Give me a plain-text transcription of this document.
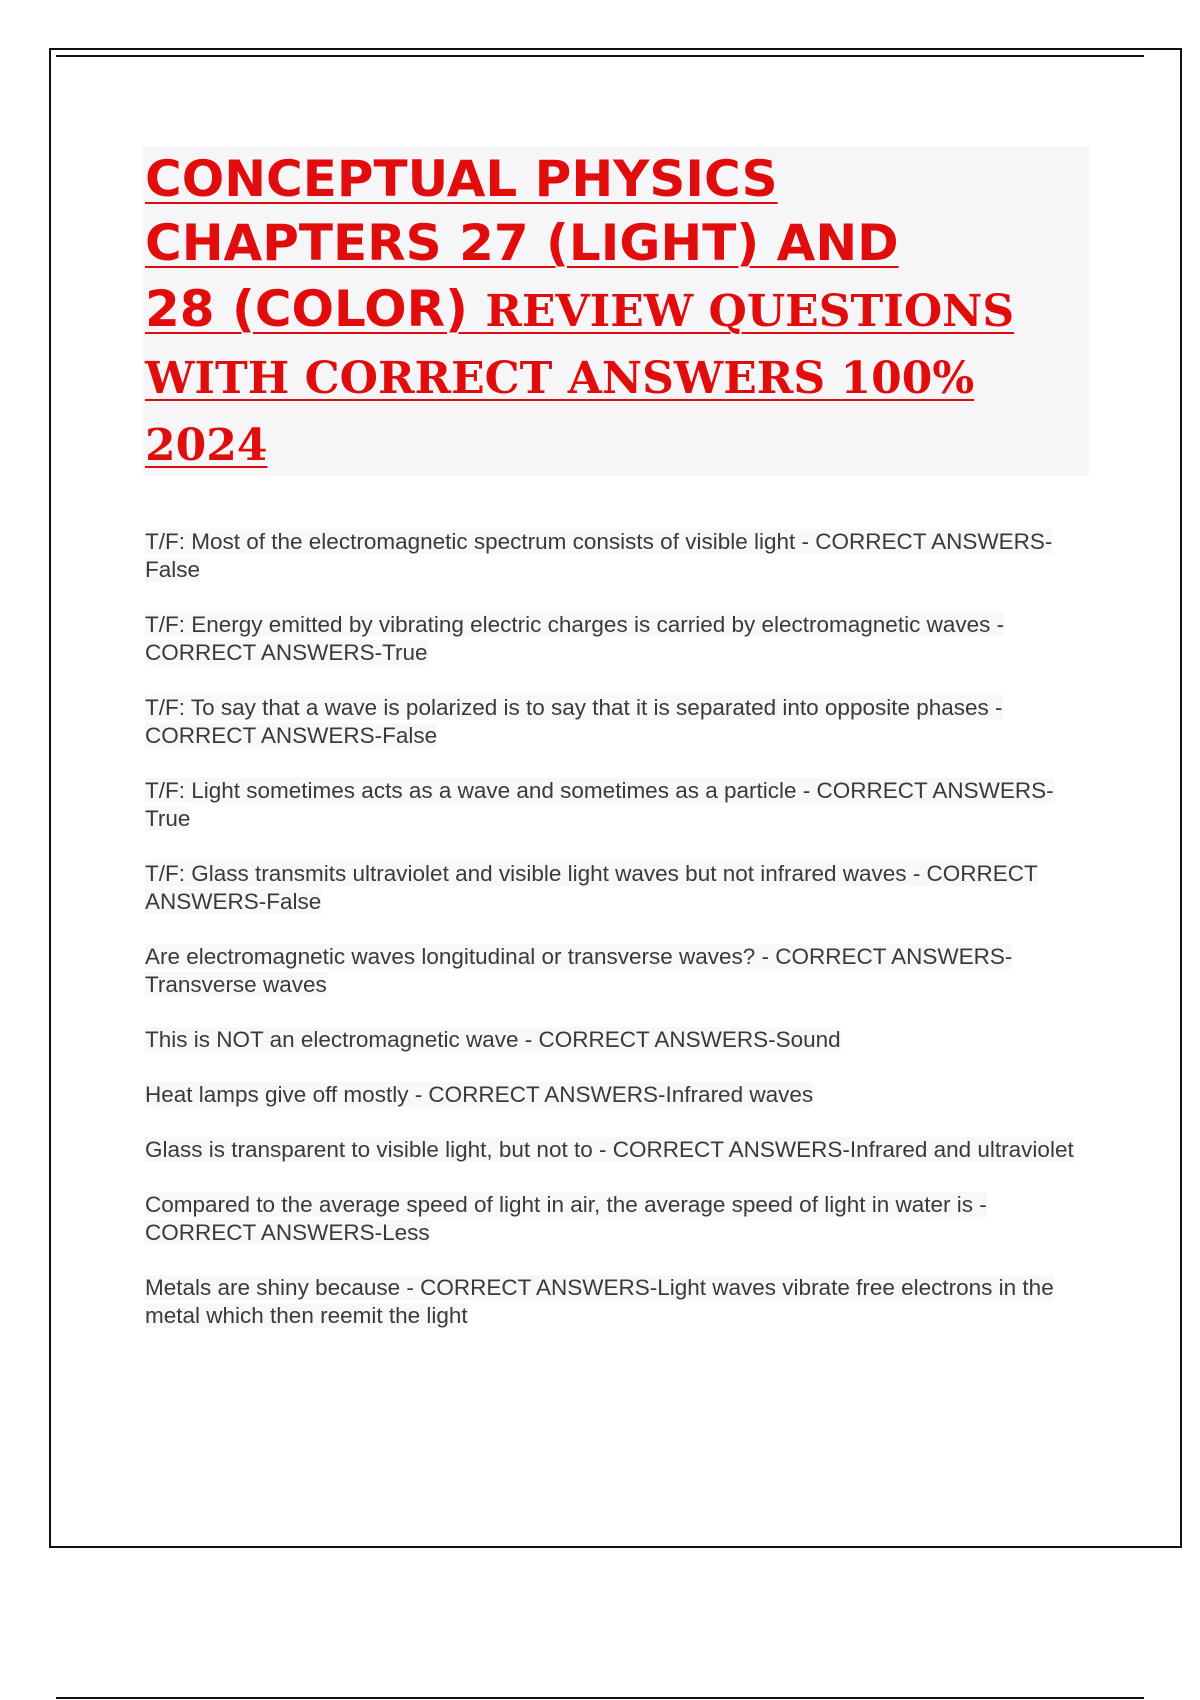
CONCEPTUAL PHYSICS
CHAPTERS 27 (LIGHT) AND
28 (COLOR) REVIEW QUESTIONS
WITH CORRECT ANSWERS 100%
2024
T/F: Most of the electromagnetic spectrum consists of visible light - CORRECT ANSWERS-False
T/F: Energy emitted by vibrating electric charges is carried by electromagnetic waves - CORRECT ANSWERS-True
T/F: To say that a wave is polarized is to say that it is separated into opposite phases - CORRECT ANSWERS-False
T/F: Light sometimes acts as a wave and sometimes as a particle - CORRECT ANSWERS-True
T/F: Glass transmits ultraviolet and visible light waves but not infrared waves - CORRECT ANSWERS-False
Are electromagnetic waves longitudinal or transverse waves? - CORRECT ANSWERS-Transverse waves
This is NOT an electromagnetic wave - CORRECT ANSWERS-Sound
Heat lamps give off mostly - CORRECT ANSWERS-Infrared waves
Glass is transparent to visible light, but not to - CORRECT ANSWERS-Infrared and ultraviolet
Compared to the average speed of light in air, the average speed of light in water is - CORRECT ANSWERS-Less
Metals are shiny because - CORRECT ANSWERS-Light waves vibrate free electrons in the metal which then reemit the light
